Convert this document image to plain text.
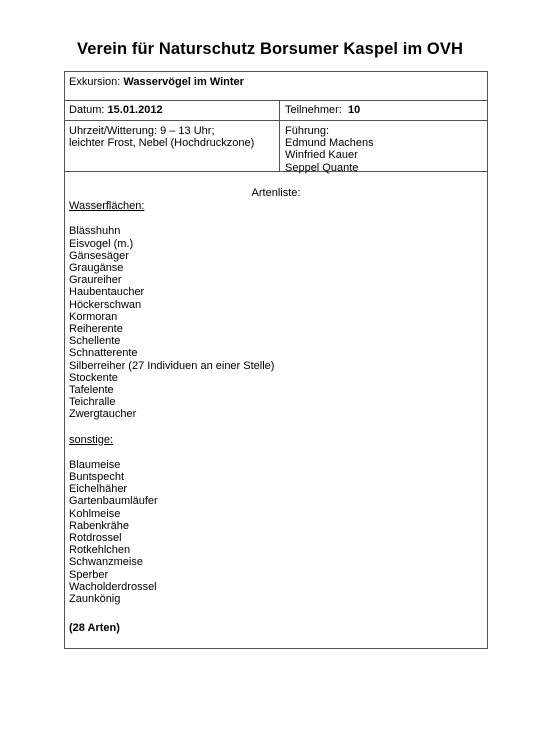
Verein für Naturschutz Borsumer Kaspel im OVH
Exkursion: Wasservögel im Winter
Datum: 15.01.2012	Teilnehmer: 10
Uhrzeit/Witterung: 9 – 13 Uhr;
leichter Frost, Nebel (Hochdruckzone)
Führung:
Edmund Machens
Winfried Kauer
Seppel Quante
Artenliste:
Wasserflächen:
Blässhuhn
Eisvogel (m.)
Gänsesäger
Graugänse
Graureiher
Haubentaucher
Höckerschwan
Kormoran
Reiherente
Schellente
Schnatterente
Silberreiher (27 Individuen an einer Stelle)
Stockente
Tafelente
Teichralle
Zwergtaucher
sonstige:
Blaumeise
Buntspecht
Eichelhäher
Gartenbaumläufer
Kohlmeise
Rabenkrähe
Rotdrossel
Rotkehlchen
Schwanzmeise
Sperber
Wacholderdrossel
Zaunkönig
(28 Arten)
